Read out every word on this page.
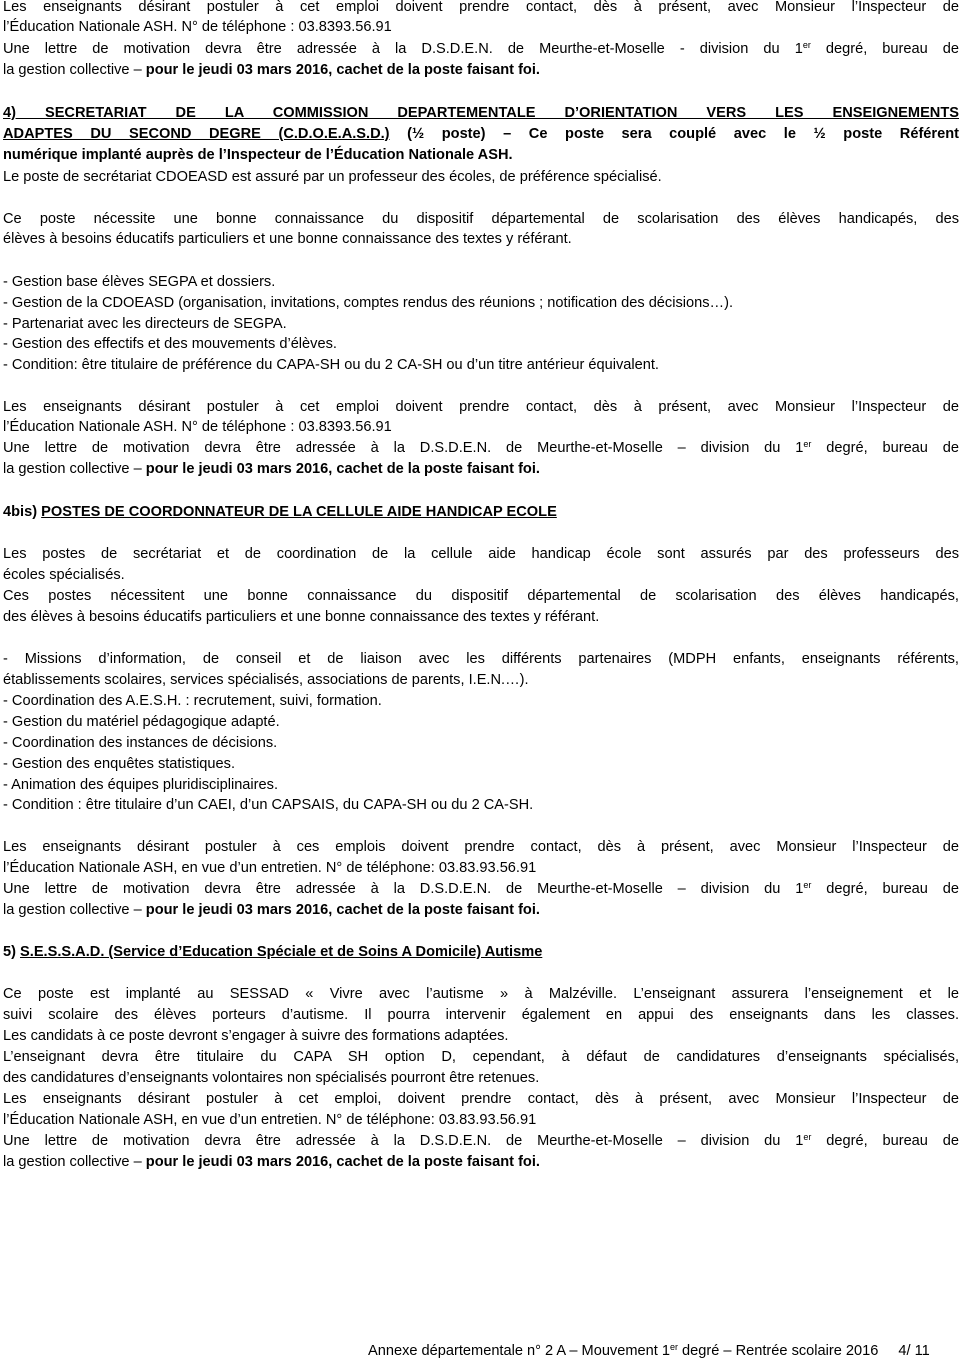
Les enseignants désirant postuler à cet emploi doivent prendre contact, dès à présent, avec Monsieur l’Inspecteur de
l’Éducation Nationale ASH. N° de téléphone : 03.8393.56.91
Une lettre de motivation devra être adressée à la D.S.D.E.N. de Meurthe-et-Moselle - division du 1er degré, bureau de
la gestion collective – pour le jeudi 03 mars 2016, cachet de la poste faisant foi.
4) SECRETARIAT DE LA COMMISSION DEPARTEMENTALE D’ORIENTATION VERS LES ENSEIGNEMENTS
ADAPTES DU SECOND DEGRE (C.D.O.E.A.S.D.) (½ poste) – Ce poste sera couplé avec le ½ poste Référent
numérique implanté auprès de l’Inspecteur de l’Éducation Nationale ASH.
Le poste de secrétariat CDOEASD est assuré par un professeur des écoles, de préférence spécialisé.
Ce poste nécessite une bonne connaissance du dispositif départemental de scolarisation des élèves handicapés, des
élèves à besoins éducatifs particuliers et une bonne connaissance des textes y référant.
- Gestion base élèves SEGPA et dossiers.
- Gestion de la CDOEASD (organisation, invitations, comptes rendus des réunions ; notification des décisions…).
- Partenariat avec les directeurs de SEGPA.
- Gestion des effectifs et des mouvements d’élèves.
- Condition: être titulaire de préférence du CAPA-SH ou du 2 CA-SH ou d’un titre antérieur équivalent.
Les enseignants désirant postuler à cet emploi doivent prendre contact, dès à présent, avec Monsieur l’Inspecteur de
l’Éducation Nationale ASH. N° de téléphone : 03.8393.56.91
Une lettre de motivation devra être adressée à la D.S.D.E.N. de Meurthe-et-Moselle – division du 1er degré, bureau de
la gestion collective – pour le jeudi 03 mars 2016, cachet de la poste faisant foi.
4bis) POSTES DE COORDONNATEUR DE LA CELLULE AIDE HANDICAP ECOLE
Les postes de secrétariat et de coordination de la cellule aide handicap école sont assurés par des professeurs des
écoles spécialisés.
Ces postes nécessitent une bonne connaissance du dispositif départemental de scolarisation des élèves handicapés,
des élèves à besoins éducatifs particuliers et une bonne connaissance des textes y référant.
- Missions d’information, de conseil et de liaison avec les différents partenaires (MDPH enfants, enseignants référents,
établissements scolaires, services spécialisés, associations de parents, I.E.N.…).
- Coordination des A.E.S.H. : recrutement, suivi, formation.
- Gestion du matériel pédagogique adapté.
- Coordination des instances de décisions.
- Gestion des enquêtes statistiques.
- Animation des équipes pluridisciplinaires.
- Condition : être titulaire d’un CAEI, d’un CAPSAIS, du CAPA-SH ou du 2 CA-SH.
Les enseignants désirant postuler à ces emplois doivent prendre contact, dès à présent, avec Monsieur l’Inspecteur de
l’Éducation Nationale ASH, en vue d’un entretien. N° de téléphone: 03.83.93.56.91
Une lettre de motivation devra être adressée à la D.S.D.E.N. de Meurthe-et-Moselle – division du 1er degré, bureau de
la gestion collective – pour le jeudi 03 mars 2016, cachet de la poste faisant foi.
5) S.E.S.S.A.D. (Service d’Education Spéciale et de Soins A Domicile) Autisme
Ce poste est implanté au SESSAD « Vivre avec l’autisme » à Malzéville. L’enseignant assurera l’enseignement et le
suivi scolaire des élèves porteurs d’autisme. Il pourra intervenir également en appui des enseignants dans les classes.
Les candidats à ce poste devront s’engager à suivre des formations adaptées.
L’enseignant devra être titulaire du CAPA SH option D, cependant, à défaut de candidatures d’enseignants spécialisés,
des candidatures d’enseignants volontaires non spécialisés pourront être retenues.
Les enseignants désirant postuler à cet emploi, doivent prendre contact, dès à présent, avec Monsieur l’Inspecteur de
l’Éducation Nationale ASH, en vue d’un entretien. N° de téléphone: 03.83.93.56.91
Une lettre de motivation devra être adressée à la D.S.D.E.N. de Meurthe-et-Moselle – division du 1er degré, bureau de
la gestion collective – pour le jeudi 03 mars 2016, cachet de la poste faisant foi.
Annexe départementale n° 2 A – Mouvement 1er degré – Rentrée scolaire 2016 4/ 11
